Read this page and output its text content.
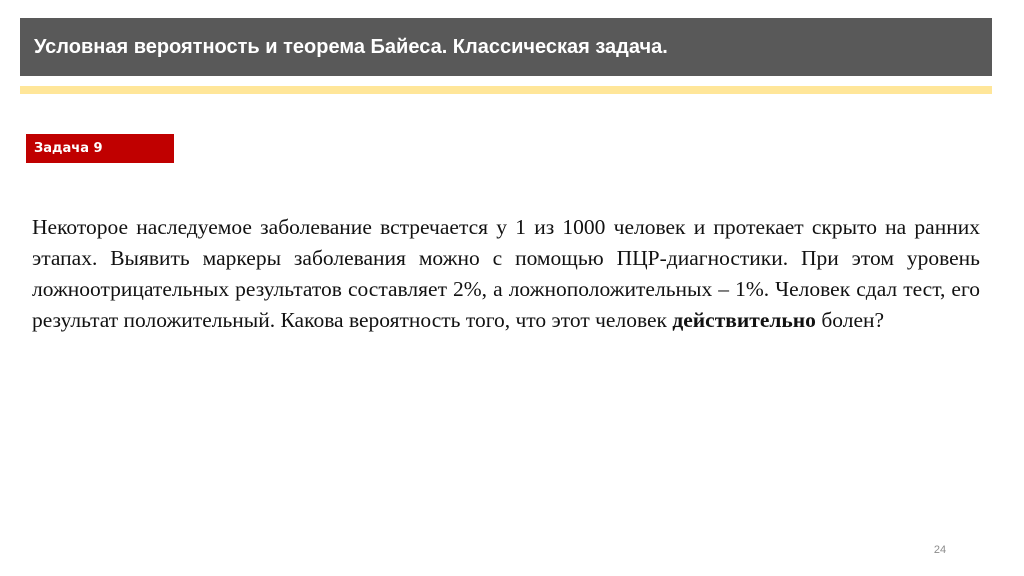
Условная вероятность и теорема Байеса. Классическая задача.
Задача 9

Некоторое наследуемое заболевание встречается у 1 из 1000 человек и протекает скрыто на ранних этапах. Выявить маркеры заболевания можно с помощью ПЦР-диагностики. При этом уровень ложноотрицательных результатов составляет 2%, а ложноположительных – 1%. Человек сдал тест, его результат положительный. Какова вероятность того, что этот человек действительно болен?

24
